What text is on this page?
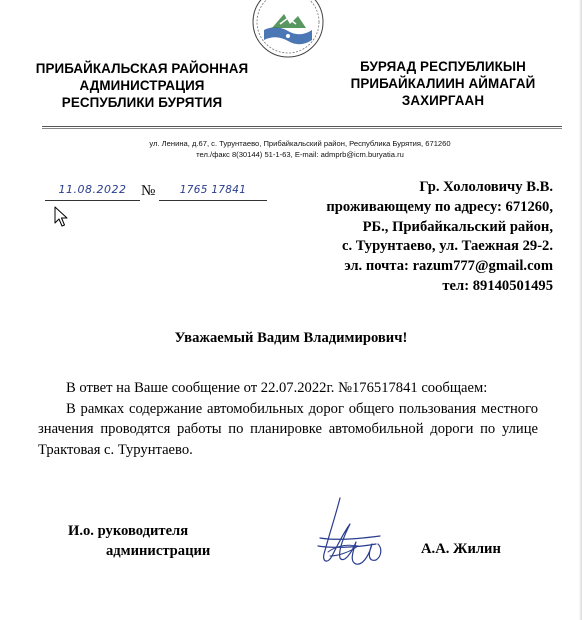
ПРИБАЙКАЛЬСКАЯ РАЙОННАЯ
АДМИНИСТРАЦИЯ
РЕСПУБЛИКИ БУРЯТИЯ
БУРЯАД РЕСПУБЛИКЫН
ПРИБАЙКАЛИИН АЙМАГАЙ
ЗАХИРГААН
ул. Ленина, д.67, с. Турунтаево, Прибайкальский район, Республика Бурятия, 671260
тел./факс 8(30144) 51-1-63, E-mail: admprb@icm.buryatia.ru
11.08.2022 №	1765 17841	Гр. Хололовичу В.В.
проживающему по адресу: 671260,
РБ., Прибайкальский район,
с. Турунтаево, ул. Таежная 29-2.
эл. почта: razum777@gmail.com
тел: 89140501495
Уважаемый Вадим Владимирович!

В ответ на Ваше сообщение от 22.07.2022г. №176517841 сообщаем:

В рамках содержание автомобильных дорог общего пользования местного значения проводятся работы по планировке автомобильной дороги по улице Трактовая с. Турунтаево.

И.о. руководителя
администрации	А.А. Жилин
